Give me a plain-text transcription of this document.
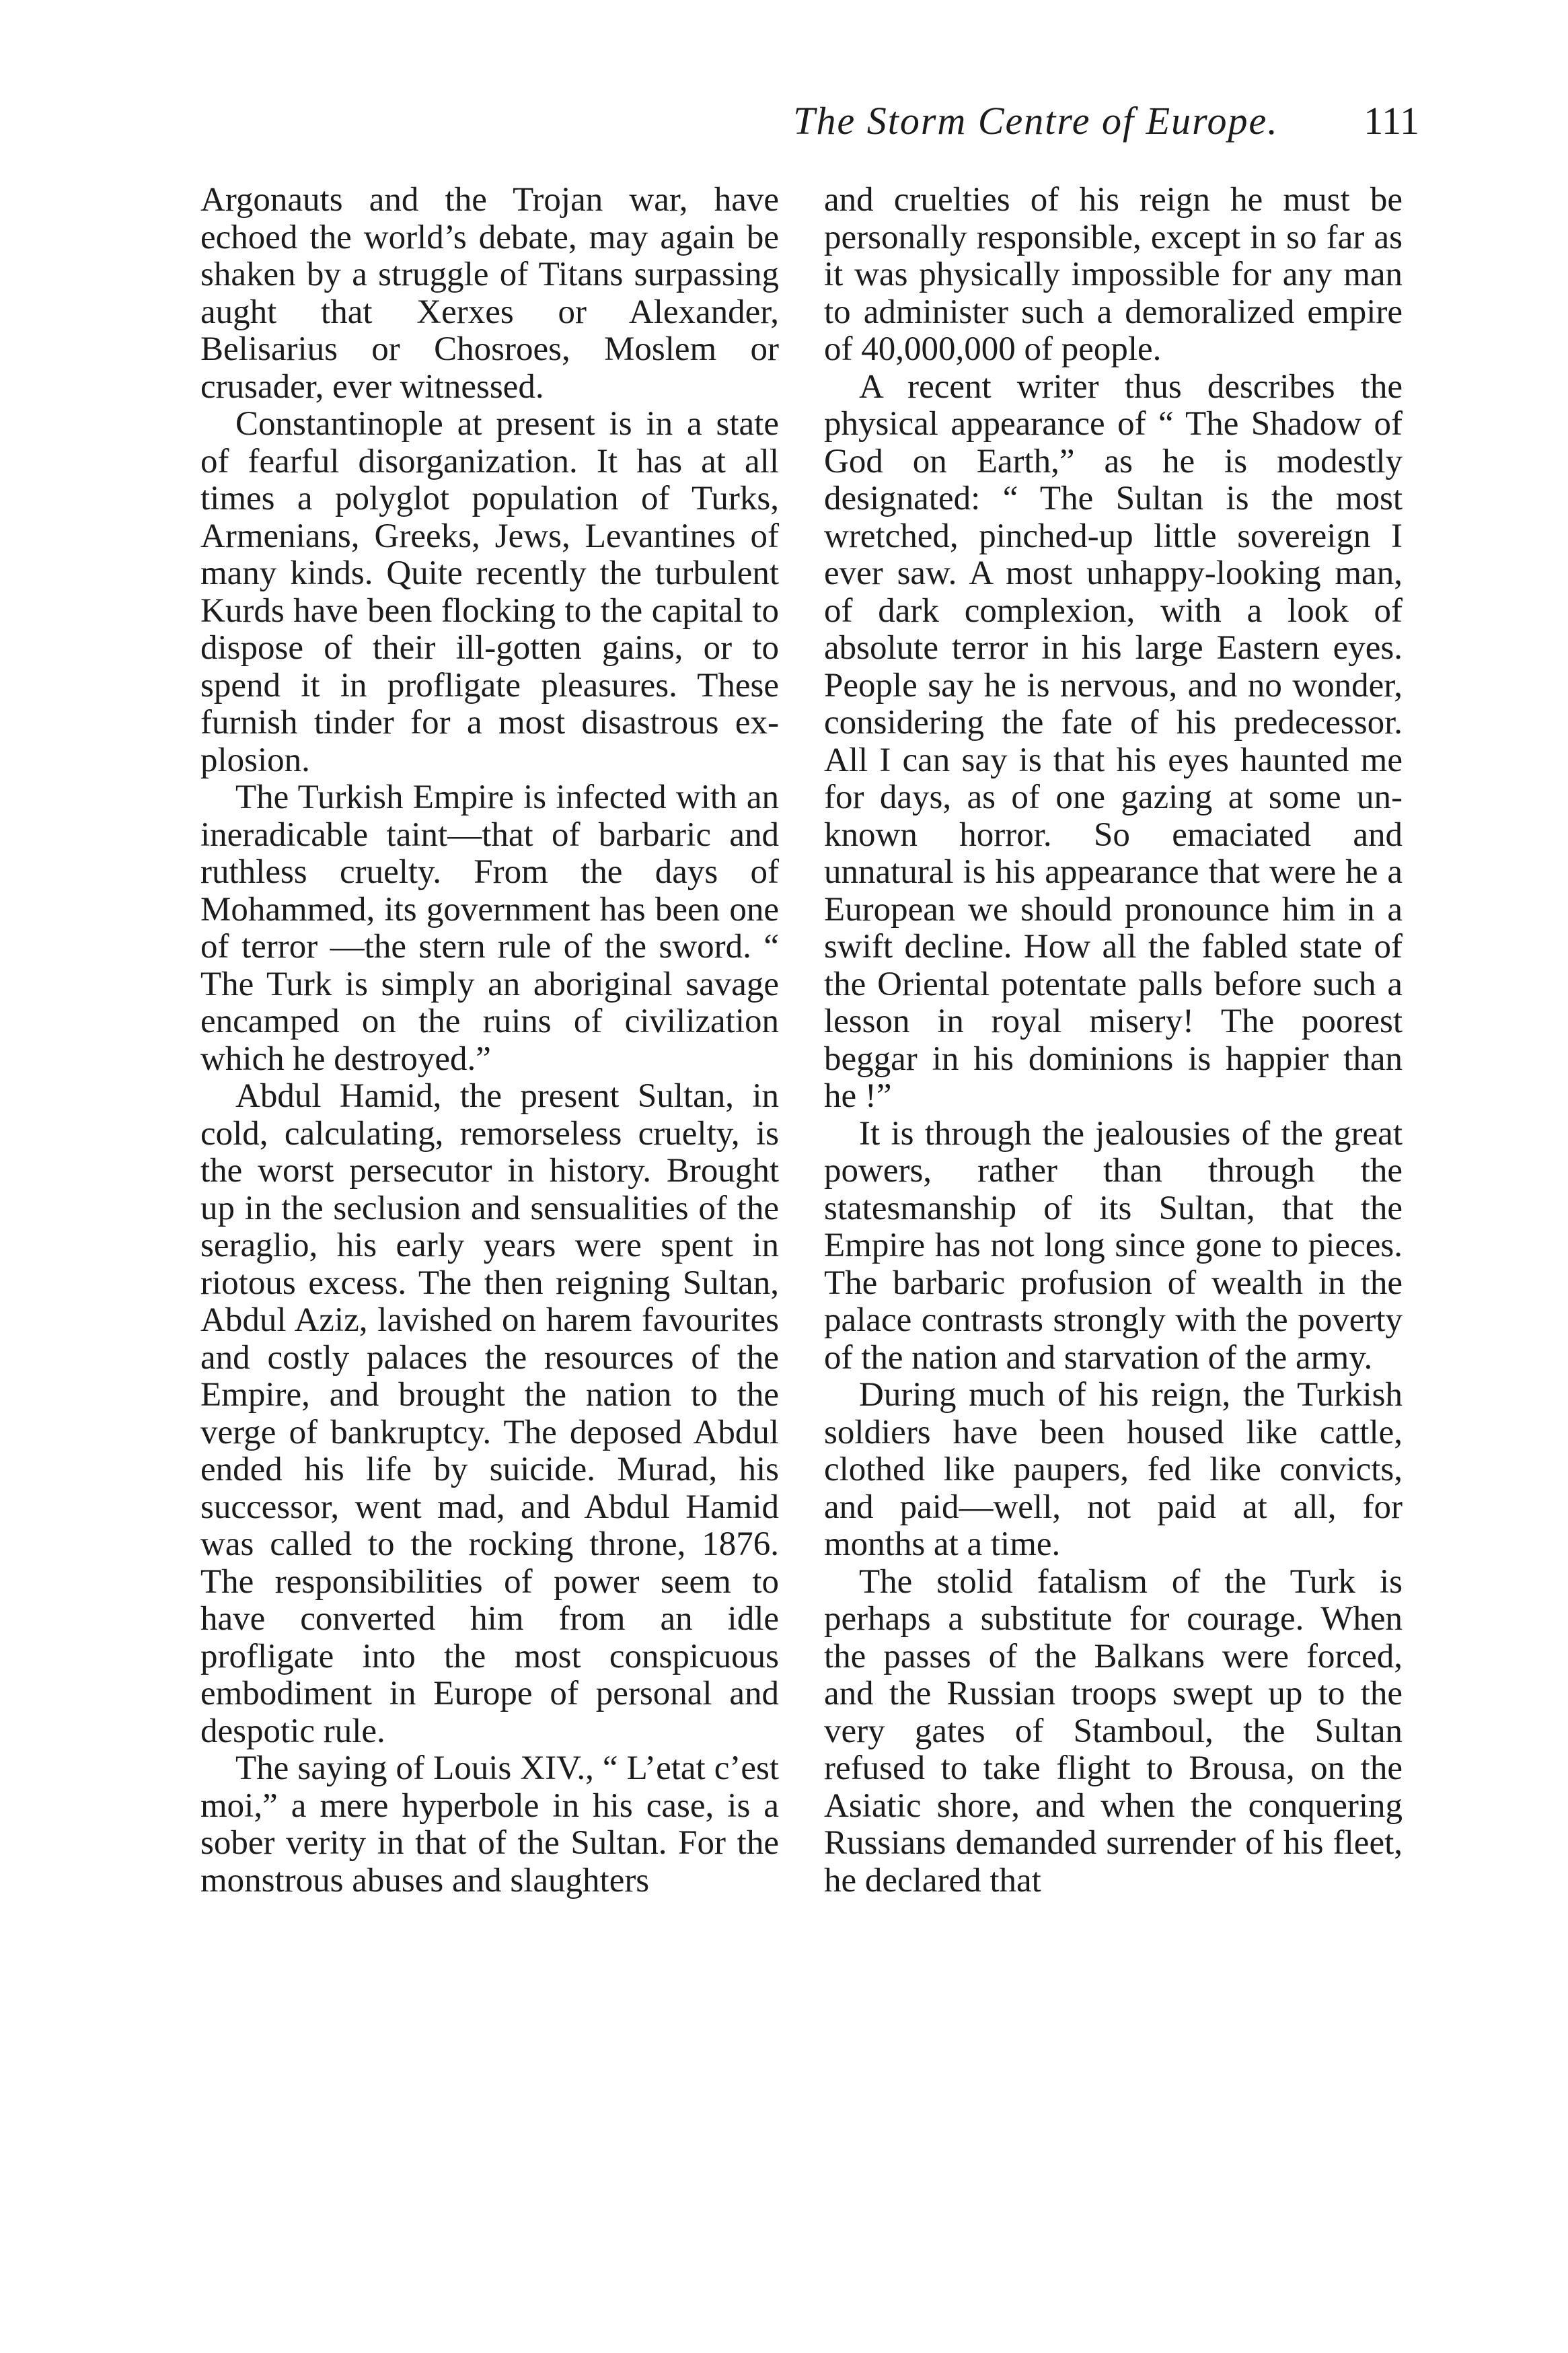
The Storm Centre of Europe.	111

Argonauts and the Trojan war, have echoed the world’s debate, may again be shaken by a struggle of Titans surpassing aught that Xerxes or Alexander, Belisarius or Chosroes, Moslem or crusader, ever witnessed.

Constantinople at present is in a state of fearful disorganization. It has at all times a polyglot population of Turks, Armenians, Greeks, Jews, Levantines of many kinds. Quite recently the turbulent Kurds have been flocking to the capital to dispose of their ill-gotten gains, or to spend it in profligate pleasures. These furnish tinder for a most disastrous explosion.

The Turkish Empire is infected with an ineradicable taint—that of barbaric and ruthless cruelty. From the days of Mohammed, its government has been one of terror —the stern rule of the sword. “ The Turk is simply an aboriginal savage encamped on the ruins of civilization which he destroyed.”

Abdul Hamid, the present Sultan, in cold, calculating, remorseless cruelty, is the worst persecutor in history. Brought up in the seclusion and sensualities of the seraglio, his early years were spent in riotous excess. The then reigning Sultan, Abdul Aziz, lavished on harem favourites and costly palaces the resources of the Empire, and brought the nation to the verge of bankruptcy. The deposed Abdul ended his life by suicide. Murad, his successor, went mad, and Abdul Hamid was called to the rocking throne, 1876. The responsibilities of power seem to have converted him from an idle profligate into the most conspicuous embodiment in Europe of personal and despotic rule.

The saying of Louis XIV., “ L’etat c’est moi,” a mere hyperbole in his case, is a sober verity in that of the Sultan. For the monstrous abuses and slaughters

and cruelties of his reign he must be personally responsible, except in so far as it was physically impossible for any man to administer such a demoralized empire of 40,000,000 of people.

A recent writer thus describes the physical appearance of “ The Shadow of God on Earth,” as he is modestly designated: “ The Sultan is the most wretched, pinched-up little sovereign I ever saw. A most unhappy-looking man, of dark complexion, with a look of absolute terror in his large Eastern eyes. People say he is nervous, and no wonder, considering the fate of his predecessor. All I can say is that his eyes haunted me for days, as of one gazing at some unknown horror. So emaciated and unnatural is his appearance that were he a European we should pronounce him in a swift decline. How all the fabled state of the Oriental potentate palls before such a lesson in royal misery! The poorest beggar in his dominions is happier than he !”

It is through the jealousies of the great powers, rather than through the statesmanship of its Sultan, that the Empire has not long since gone to pieces. The barbaric profusion of wealth in the palace contrasts strongly with the poverty of the nation and starvation of the army.

During much of his reign, the Turkish soldiers have been housed like cattle, clothed like paupers, fed like convicts, and paid—well, not paid at all, for months at a time.

The stolid fatalism of the Turk is perhaps a substitute for courage. When the passes of the Balkans were forced, and the Russian troops swept up to the very gates of Stamboul, the Sultan refused to take flight to Brousa, on the Asiatic shore, and when the conquering Russians demanded surrender of his fleet, he declared that
